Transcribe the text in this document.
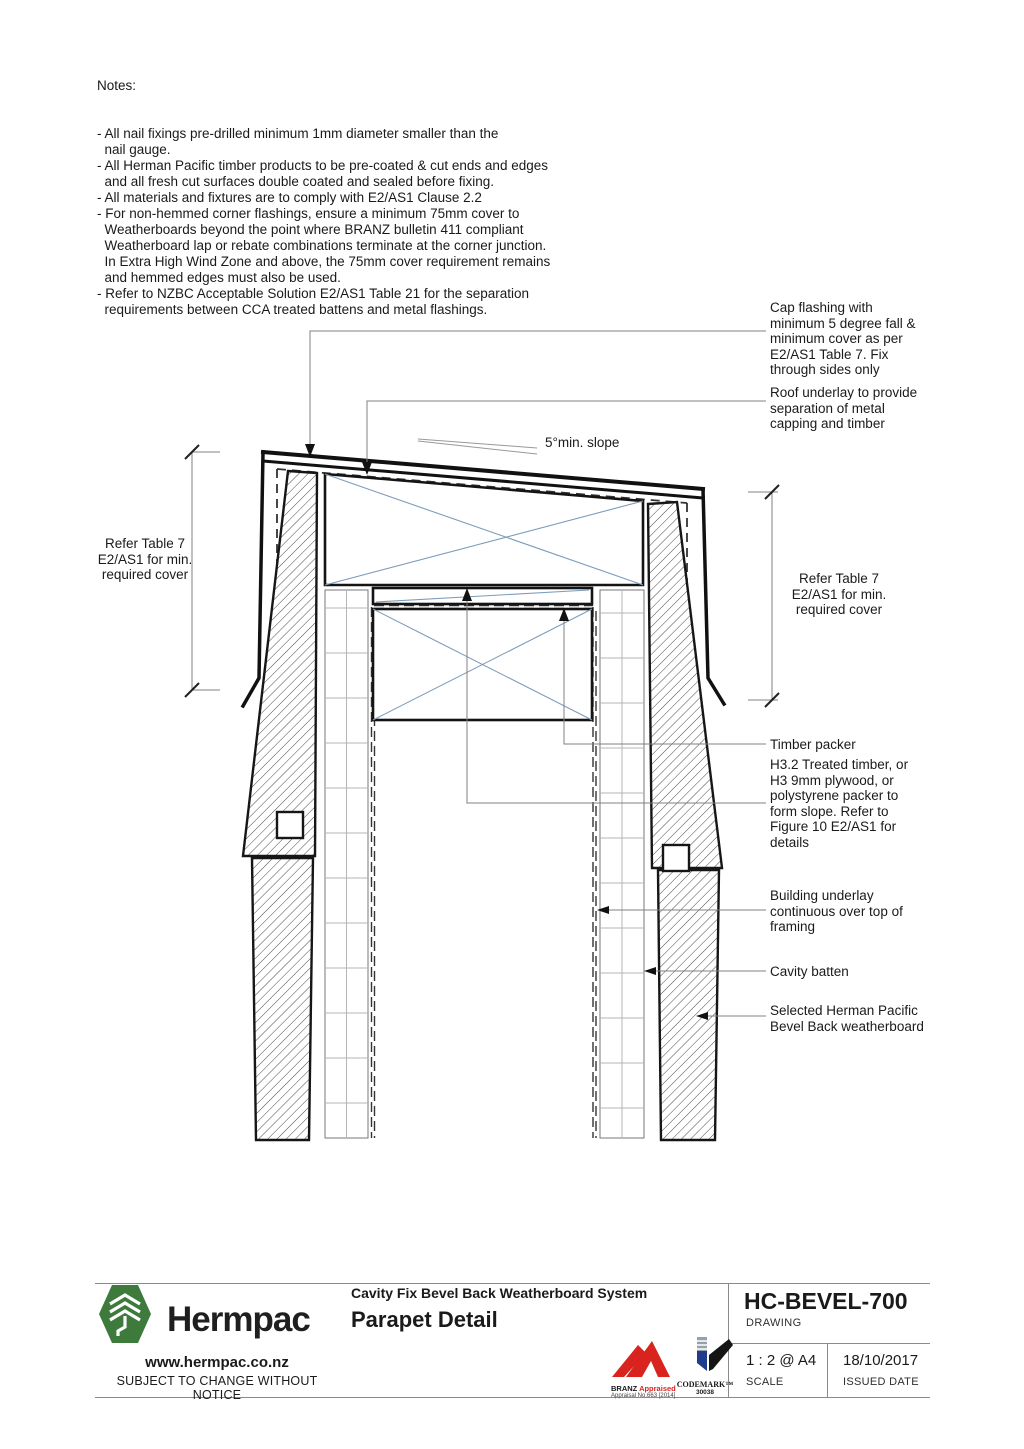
Notes:

- All nail fixings pre-drilled minimum 1mm diameter smaller than the
nail gauge.
- All Herman Pacific timber products to be pre-coated & cut ends and edges
and all fresh cut surfaces double coated and sealed before fixing.
- All materials and fixtures are to comply with E2/AS1 Clause 2.2
- For non-hemmed corner flashings, ensure a minimum 75mm cover to
Weatherboards beyond the point where BRANZ bulletin 411 compliant
Weatherboard lap or rebate combinations terminate at the corner junction.
In Extra High Wind Zone and above, the 75mm cover requirement remains
and hemmed edges must also be used.
- Refer to NZBC Acceptable Solution E2/AS1 Table 21 for the separation
requirements between CCA treated battens and metal flashings.

	Cap flashing with
minimum 5 degree fall &
minimum cover as per
E2/AS1 Table 7. Fix
through sides only
Roof underlay to provide
separation of metal
capping and timber
5°min. slope
Refer Table 7
E2/AS1 for min.
required cover	Refer Table 7
E2/AS1 for min.
required cover
Timber packer
H3.2 Treated timber, or
H3 9mm plywood, or
polystyrene packer to
form slope. Refer to
Figure 10 E2/AS1 for
details
Building underlay
continuous over top of
framing
Cavity batten
Selected Herman Pacific
Bevel Back weatherboard
Hermpac
www.hermpac.co.nz
SUBJECT TO CHANGE WITHOUT NOTICE
Cavity Fix Bevel Back Weatherboard System
Parapet Detail
BRANZ Appraised
Appraisal No.663 [2014]
CODEMARK™
30038
HC-BEVEL-700
DRAWING
1 : 2 @ A4
SCALE
18/10/2017
ISSUED DATE
